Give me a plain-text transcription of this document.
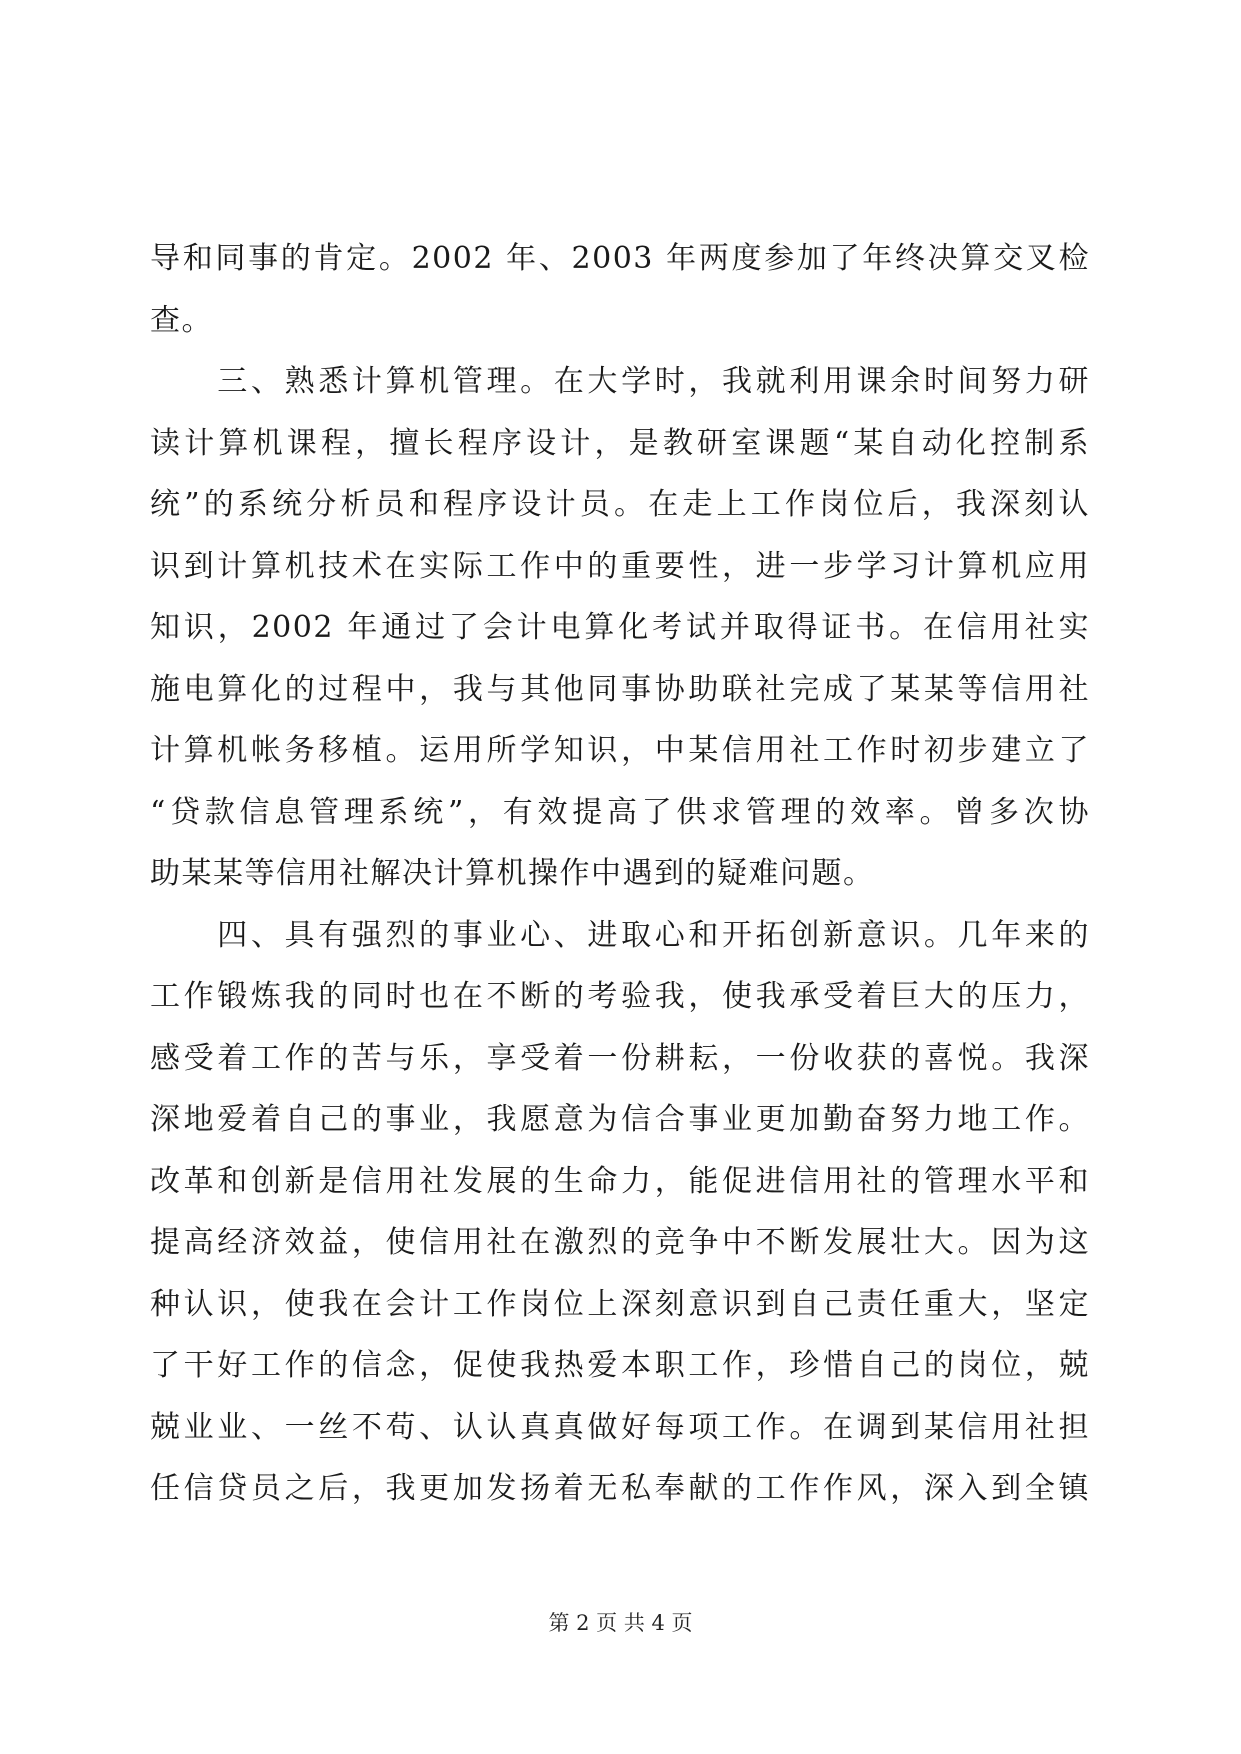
导和同事的肯定。2002 年、2003 年两度参加了年终决算交叉检
查。
　　三、熟悉计算机管理。在大学时，我就利用课余时间努力研
读计算机课程，擅长程序设计，是教研室课题“某自动化控制系
统”的系统分析员和程序设计员。在走上工作岗位后，我深刻认
识到计算机技术在实际工作中的重要性，进一步学习计算机应用
知识，2002 年通过了会计电算化考试并取得证书。在信用社实
施电算化的过程中，我与其他同事协助联社完成了某某等信用社
计算机帐务移植。运用所学知识，中某信用社工作时初步建立了
“贷款信息管理系统”，有效提高了供求管理的效率。曾多次协
助某某等信用社解决计算机操作中遇到的疑难问题。
　　四、具有强烈的事业心、进取心和开拓创新意识。几年来的
工作锻炼我的同时也在不断的考验我，使我承受着巨大的压力，
感受着工作的苦与乐，享受着一份耕耘，一份收获的喜悦。我深
深地爱着自己的事业，我愿意为信合事业更加勤奋努力地工作。
改革和创新是信用社发展的生命力，能促进信用社的管理水平和
提高经济效益，使信用社在激烈的竞争中不断发展壮大。因为这
种认识，使我在会计工作岗位上深刻意识到自己责任重大，坚定
了干好工作的信念，促使我热爱本职工作，珍惜自己的岗位，兢
兢业业、一丝不苟、认认真真做好每项工作。在调到某信用社担
任信贷员之后，我更加发扬着无私奉献的工作作风，深入到全镇
第 2 页 共 4 页
